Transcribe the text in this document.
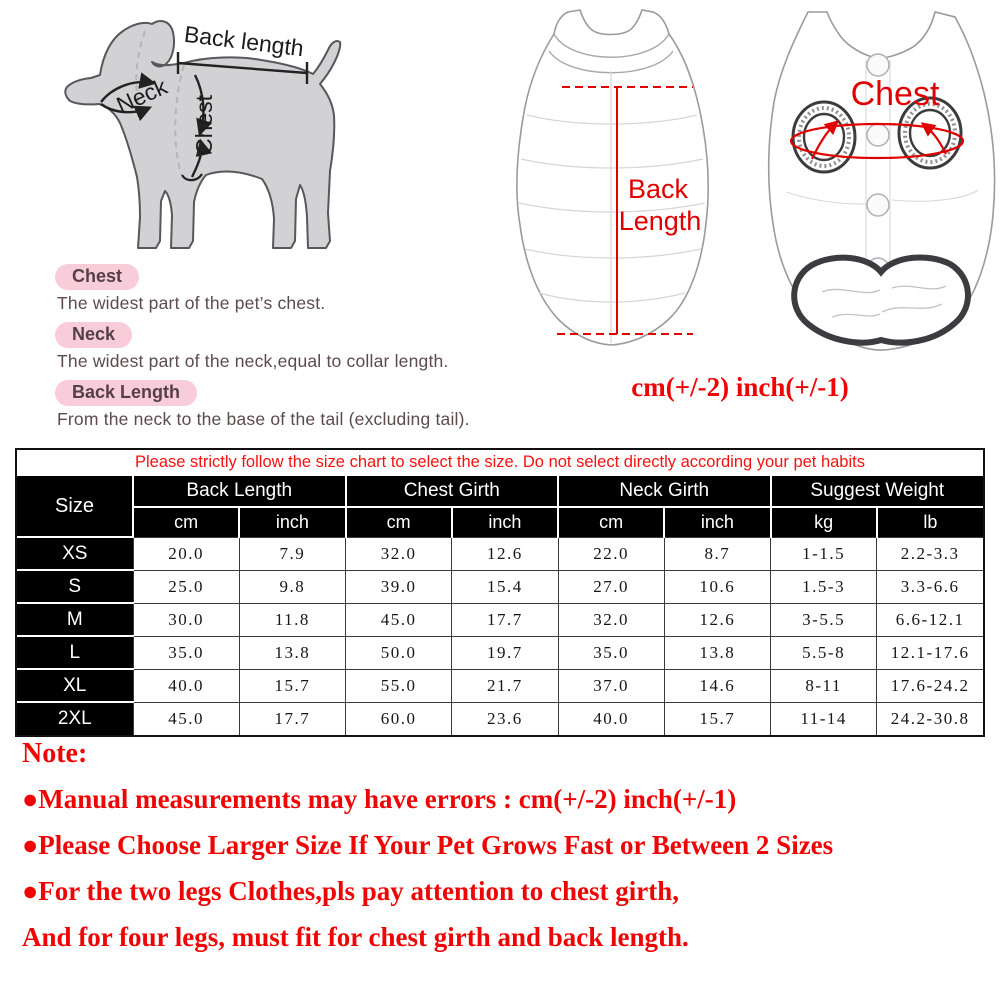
Back length
Neck Chest
Back
Length
Chest
cm(+/-2) inch(+/-1)
Chest
The widest part of the pet’s chest.
Neck
The widest part of the neck,equal to collar length.
Back Length
From the neck to the base of the tail (excluding tail).
Please strictly follow the size chart to select the size. Do not select directly according your pet habits								
Size	Back Length		Chest Girth		Neck Girth		Suggest Weight	
	cm	inch	cm	inch	cm	inch	kg	lb
XS	20.0	7.9	32.0	12.6	22.0	8.7	1-1.5	2.2-3.3
S	25.0	9.8	39.0	15.4	27.0	10.6	1.5-3	3.3-6.6
M	30.0	11.8	45.0	17.7	32.0	12.6	3-5.5	6.6-12.1
L	35.0	13.8	50.0	19.7	35.0	13.8	5.5-8	12.1-17.6
XL	40.0	15.7	55.0	21.7	37.0	14.6	8-11	17.6-24.2
2XL	45.0	17.7	60.0	23.6	40.0	15.7	11-14	24.2-30.8
Note:
●Manual measurements may have errors : cm(+/-2) inch(+/-1)
●Please Choose Larger Size If Your Pet Grows Fast or Between 2 Sizes
●For the two legs Clothes,pls pay attention to chest girth,
And for four legs, must fit for chest girth and back length.
